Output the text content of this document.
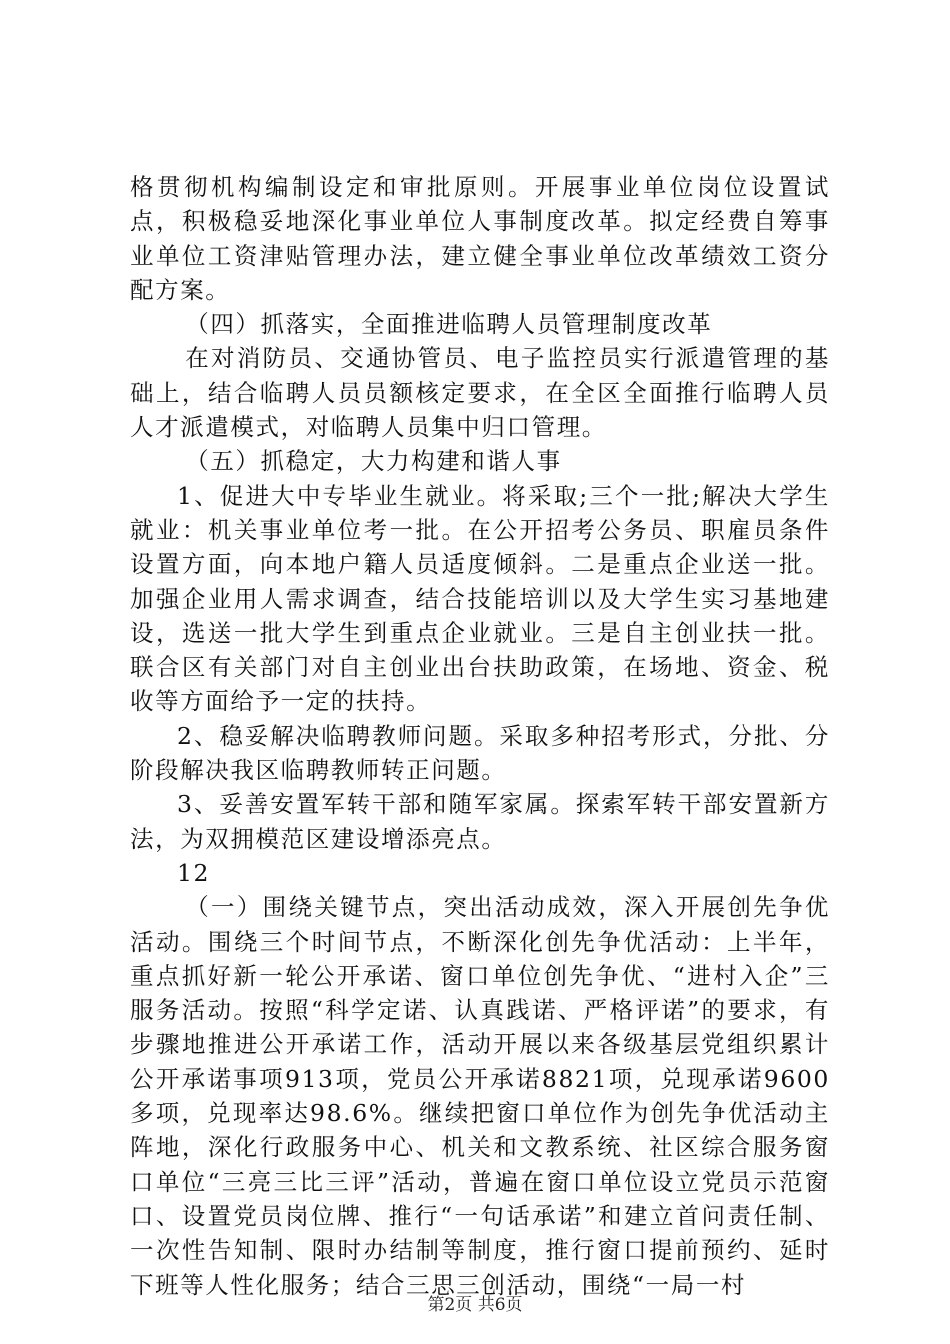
格贯彻机构编制设定和审批原则。开展事业单位岗位设置试点，积极稳妥地深化事业单位人事制度改革。拟定经费自筹事业单位工资津贴管理办法，建立健全事业单位改革绩效工资分配方案。

（四）抓落实，全面推进临聘人员管理制度改革

在对消防员、交通协管员、电子监控员实行派遣管理的基础上，结合临聘人员员额核定要求，在全区全面推行临聘人员人才派遣模式，对临聘人员集中归口管理。

（五）抓稳定，大力构建和谐人事

1、促进大中专毕业生就业。将采取;三个一批;解决大学生就业：机关事业单位考一批。在公开招考公务员、职雇员条件设置方面，向本地户籍人员适度倾斜。二是重点企业送一批。加强企业用人需求调查，结合技能培训以及大学生实习基地建设，选送一批大学生到重点企业就业。三是自主创业扶一批。联合区有关部门对自主创业出台扶助政策，在场地、资金、税收等方面给予一定的扶持。

2、稳妥解决临聘教师问题。采取多种招考形式，分批、分阶段解决我区临聘教师转正问题。

3、妥善安置军转干部和随军家属。探索军转干部安置新方法，为双拥模范区建设增添亮点。

12

（一）围绕关键节点，突出活动成效，深入开展创先争优活动。围绕三个时间节点，不断深化创先争优活动：上半年，重点抓好新一轮公开承诺、窗口单位创先争优、“进村入企”三服务活动。按照“科学定诺、认真践诺、严格评诺”的要求，有步骤地推进公开承诺工作，活动开展以来各级基层党组织累计公开承诺事项913项，党员公开承诺8821项，兑现承诺9600多项，兑现率达98.6%。继续把窗口单位作为创先争优活动主阵地，深化行政服务中心、机关和文教系统、社区综合服务窗口单位“三亮三比三评”活动，普遍在窗口单位设立党员示范窗口、设置党员岗位牌、推行“一句话承诺”和建立首问责任制、一次性告知制、限时办结制等制度，推行窗口提前预约、延时下班等人性化服务；结合三思三创活动，围绕“一局一村

第2页 共6页
